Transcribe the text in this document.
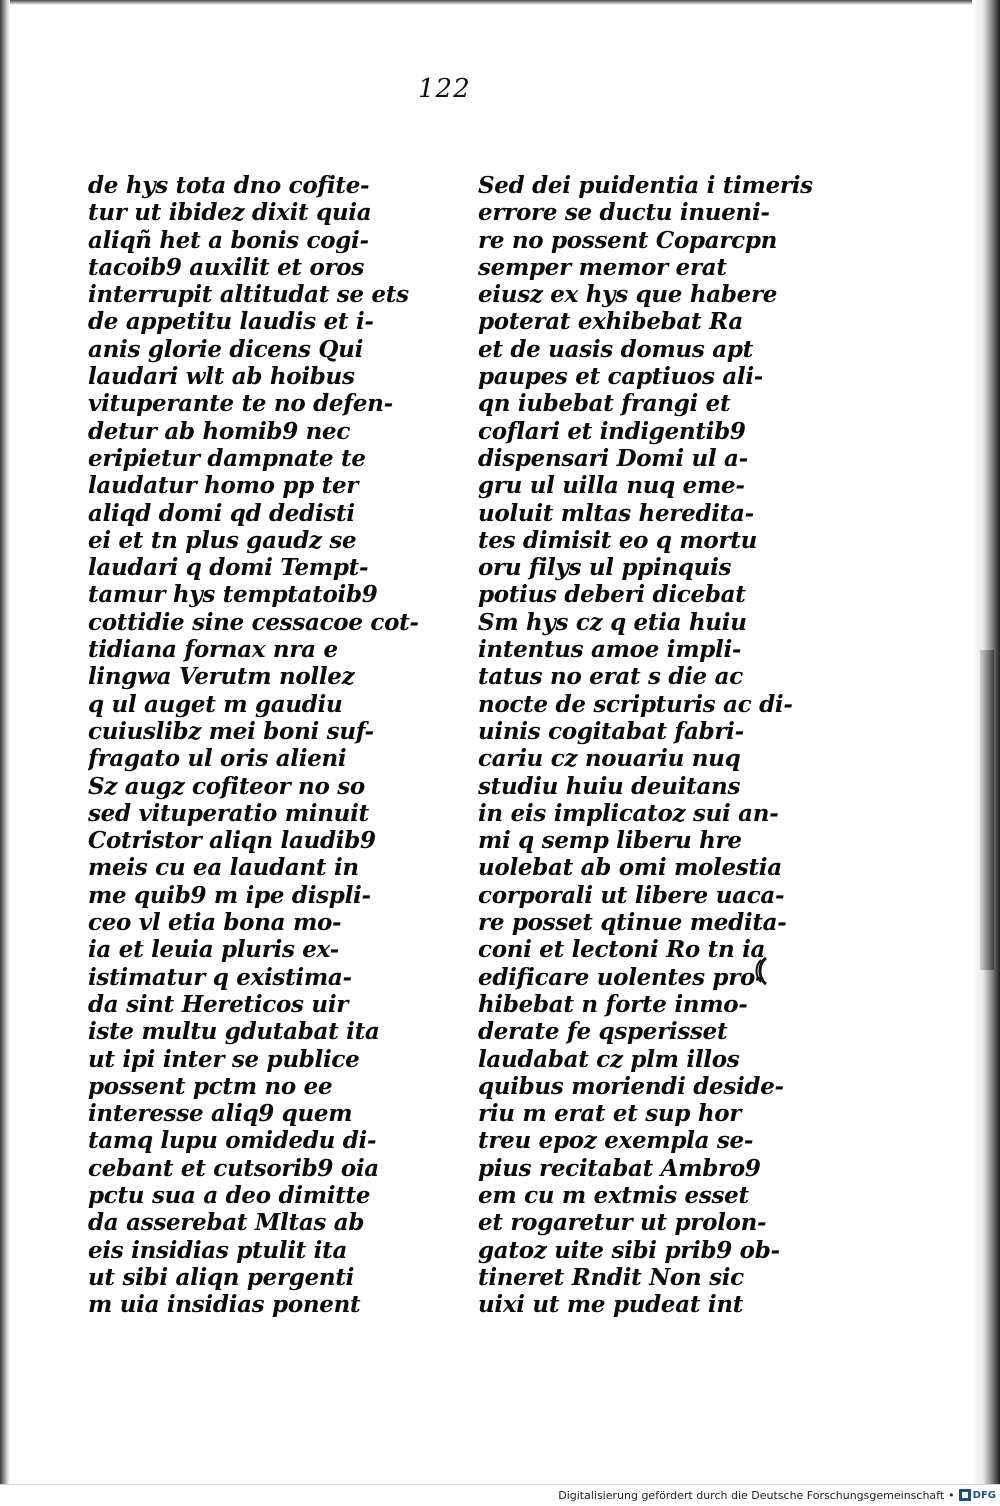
122
de hys tota dno cofite-
tur ut ibidez dixit quia
aliqñ het a bonis cogi-
tacoib9 auxilit et oros
interrupit altitudat se ets
de appetitu laudis et i-
anis glorie dicens Qui
laudari wlt ab hoibus
vituperante te no defen-
detur ab homib9 nec
eripietur dampnate te
laudatur homo pp ter
aliqd domi qd dedisti
ei et tn plus gaudz se
laudari q domi Tempt-
tamur hys temptatoib9
cottidie sine cessacoe cot-
tidiana fornax nra e
lingwa Verutm nollez
q ul auget m gaudiu
cuiuslibz mei boni suf-
fragato ul oris alieni
Sz augz cofiteor no so
sed vituperatio minuit
Cotristor aliqn laudib9
meis cu ea laudant in
me quib9 m ipe displi-
ceo vl etia bona mo-
ia et leuia pluris ex-
istimatur q existima-
da sint Hereticos uir
iste multu gdutabat ita
ut ipi inter se publice
possent pctm no ee
interesse aliq9 quem
tamq lupu omidedu di-
cebant et cutsorib9 oia
pctu sua a deo dimitte
da asserebat Mltas ab
eis insidias ptulit ita
ut sibi aliqn pergenti
m uia insidias ponent
Sed dei puidentia i timeris
errore se ductu inueni-
re no possent Coparcpn
semper memor erat
eiusz ex hys que habere
poterat exhibebat Ra
et de uasis domus apt
paupes et captiuos ali-
qn iubebat frangi et
coflari et indigentib9
dispensari Domi ul a-
gru ul uilla nuq eme-
uoluit mltas heredita-
tes dimisit eo q mortu
oru filys ul ppinquis
potius deberi dicebat
Sm hys cz q etia huiu
intentus amoe impli-
tatus no erat s die ac
nocte de scripturis ac di-
uinis cogitabat fabri-
cariu cz nouariu nuq
studiu huiu deuitans
in eis implicatoz sui an-
mi q semp liberu hre
uolebat ab omi molestia
corporali ut libere uaca-
re posset qtinue medita-
coni et lectoni Ro tn ia
edificare uolentes pro-
hibebat n forte inmo-
derate fe qsperisset
laudabat cz plm illos
quibus moriendi deside-
riu m erat et sup hor
treu epoz exempla se-
pius recitabat Ambro9
em cu m extmis esset
et rogaretur ut prolon-
gatoz uite sibi prib9 ob-
tineret Rndit Non sic
uixi ut me pudeat int
Digitalisierung gefördert durch die Deutsche Forschungsgemeinschaft • DFG
